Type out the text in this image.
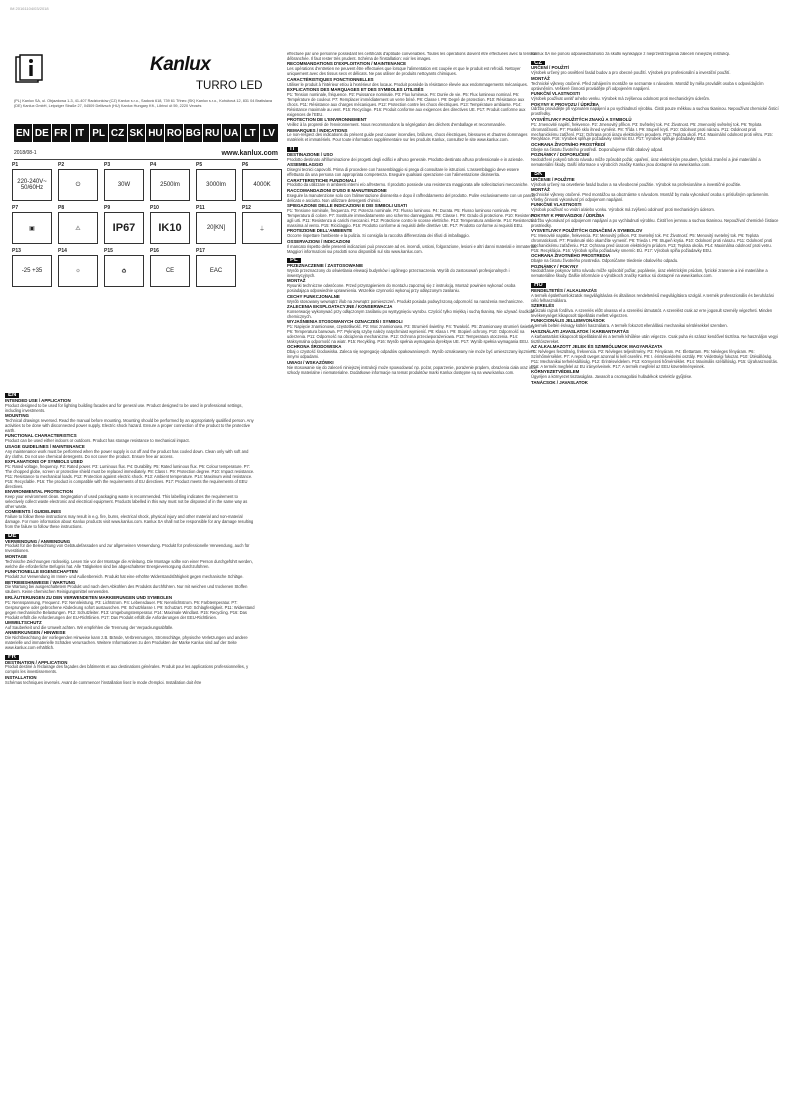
IM 20161104/03/2018
Kanlux
TURRO LED
(PL) Kanlux SA, ul. Objazdowa 1-3, 41-407 Radzionków (CZ) Kanlux s.r.o., Sadová 618, 739 61 Třinec (SK) Kanlux s.r.o., Kohútová 12, 831 04 Bratislava (DE) Kanlux GmbH, Leipziger Straße 27, 04509 Delitzsch (HU) Kanlux Hungary Kft., Lőrinci út 59, 2220 Vecsés
EN DE FR IT PL CZ SK HU RO BG RU UA LT LV
2018/08-1	www.kanlux.com
P1
220-240V~ 50/60Hz
P2
⏻
P3
30W
P4
2500lm
P5
3000lm
P6
4000K
P7
▣
P8
⚠
P9
IP67
P10
IK10
P11
20[KN]
P12
⏚
P13
-25 +35
P14
☼
P15
♻
P16
CE
P17
EAC
EN
INTENDED USE / APPLICATION
Product designed to be used for lighting building facades and for general use. Product designed to be used in professional settings, including investments.
MOUNTING
Technical drawings reversed. Read the manual before mounting. Mounting should be performed by an appropriately qualified person. Any activities to be done with disconnected power supply. Electric shock hazard. Ensure a proper connection of the product to the protective earth.
FUNCTIONAL CHARACTERISTICS
Product can be used either indoors or outdoors. Product has storage resistance to mechanical impact.
USAGE GUIDELINES / MAINTENANCE
Any maintenance work must be performed when the power supply is cut off and the product has cooled down. Clean only with soft and dry cloths. Do not use chemical detergents. Do not cover the product. Ensure free air access.
EXPLANATIONS OF SYMBOLS USED
P1: Rated voltage, frequency. P2: Rated power. P3: Luminous flux. P4: Durability. P5: Rated luminous flux. P6: Colour temperature. P7: The chopped globe, screen or protective shield must be replaced immediately. P8: Class I. P9: Protection degree. P10: Impact resistance. P11: Resistance to mechanical loads. P12: Protection against electric shock. P13: Ambient temperature. P14: Maximum wind resistance. P15: Recyclable. P16: The product is compatible with the requirements of EU directives. P17: Product meets the requirements of EEU directives.
ENVIRONMENTAL PROTECTION
Keep your environment clean. Segregation of used packaging waste is recommended. This labelling indicates the requirement to selectively collect waste electronic and electrical equipment. Products labelled in this way must not be disposed of in the same way as other waste.
COMMENTS / GUIDELINES
Failure to follow these instructions may result in e.g. fire, burns, electrical shock, physical injury and other material and non-material damage. For more information about Kanlux products visit www.kanlux.com. Kanlux SA shall not be responsible for any damage resulting from the failure to follow these instructions.
DE
VERWENDUNG / ANWENDUNG
Produkt für die Beleuchtung von Gebäudefassaden und zur allgemeinen Verwendung. Produkt für professionelle Verwendung, auch für Investitionen.
MONTAGE
Technische Zeichnungen rückseitig. Lesen Sie vor der Montage die Anleitung. Die Montage sollte von einer Person durchgeführt werden, welche die erforderliche Befugnis hat. Alle Tätigkeiten sind bei abgeschalteter Energieversorgung durchzuführen.
FUNKTIONELLE EIGENSCHAFTEN
Produkt zur Verwendung im Innen- und Außenbereich. Produkt hat eine erhöhte Widerstandsfähigkeit gegen mechanische Schläge.
BETRIEBSHINWEISE / WARTUNG
Die Wartung bei ausgeschaltetem Produkt und nach dem Abkühlen des Produkts durchführen. Nur mit weichen und trockenen Stoffen säubern. Keine chemischen Reinigungsmittel verwenden.
ERLÄUTERUNGEN ZU DEN VERWENDETEN MARKIERUNGEN UND SYMBOLEN
P1: Nennspannung, Frequenz. P2: Nennleistung. P3: Lichtstrom. P4: Lebensdauer. P5: Nennlichtstrom. P6: Farbtemperatur. P7: Gesprungene oder gebrochene Abdeckung sofort austauschen. P8: Schutzklasse I. P9: Schutzart. P10: Schlagfestigkeit. P11: Widerstand gegen mechanische Belastungen. P12: Schutzleiter. P13: Umgebungstemperatur. P14: Maximale Windlast. P15: Recycling. P16: Das Produkt erfüllt die Anforderungen der EU-Richtlinien. P17: Das Produkt erfüllt die Anforderungen der EEU-Richtlinien.
UMWELTSCHUTZ
Auf Sauberkeit und die Umwelt achten. Wir empfehlen die Trennung der Verpackungsabfälle.
ANMERKUNGEN / HINWEISE
Die Nichtbeachtung der vorliegenden Hinweise kann z.B. Brände, Verbrennungen, Stromschläge, physische Verletzungen und andere materielle und immaterielle Schäden verursachen. Weitere Informationen zu den Produkten der Marke Kanlux sind auf der Seite www.kanlux.com erhältlich.
FR
DESTINATION / APPLICATION
Produit destiné à l'éclairage des façades des bâtiments et aux destinations générales. Produit pour les applications professionnelles, y compris les investissements.
INSTALLATION
Schémas techniques inversés. Avant de commencer l'installation lisez le mode d'emploi. Installation doit être
effectuée par une personne possédant les certificats d'aptitude convenables. Toutes les opérations doivent être effectuées avec la tension débranchée. Il faut rester très prudent. Schéma de l'installation: voir les images.
RECOMMANDATIONS D'EXPLOITATION / MAINTENANCE
Les opérations d'entretien ne peuvent être effectuées que lorsque l'alimentation est coupée et que le produit est refroidi. Nettoyer uniquement avec des tissus secs et délicats. Ne pas utiliser de produits nettoyants chimiques.
CARACTÉRISTIQUES FONCTIONNELLES
Utiliser le produit à l'intérieur et/ou à l'extérieur des locaux. Produit possède la résistance élevée aux endommagements mécaniques.
EXPLICATIONS DES MARQUAGES ET DES SYMBOLES UTILISÉS
P1: Tension nominale, fréquence. P2: Puissance nominale. P3: Flux lumineux. P4: Durée de vie. P5: Flux lumineux nominal. P6: Température de couleur. P7: Remplacer immédiatement un verre brisé. P8: Classe I. P9: Degré de protection. P10: Résistance aux chocs. P11: Résistance aux charges mécaniques. P12: Protection contre les chocs électriques. P13: Température ambiante. P14: Résistance maximale au vent. P15: Recyclage. P16: Produit conforme aux exigences des directives UE. P17: Produit conforme aux exigences de l'EEU.
PROTECTION DE L'ENVIRONNEMENT
Veillez à la propreté de l'environnement. Nous recommandons la ségrégation des déchets d'emballage et recommandée.
REMARQUES / INDICATIONS
Le non-respect des indications du présent guide peut causer incendies, brûlures, chocs électriques, blessures et d'autres dommages matériels et immatériels. Pour toute information supplémentaire sur les produits Kanlux, consultez le site www.kanlux.com.
IT
DESTINAZIONE / USO
Prodotto destinato all'illuminazione dei progetti degli edifici e all'uso generale. Prodotto destinato all'uso professionale e in aziende.
ASSEMBLAGGIO
Disegni tecnici capovolti. Prima di procedere con l'assemblaggio si prega di consultare le istruzioni. L'assemblaggio deve essere effettuato da una persona con appropriata competenza. Eseguire qualsiasi operazione con l'alimentazione disinserita.
CARATTERISTICHE FUNZIONALI
Prodotto da utilizzare in ambienti interni e/o all'esterno. Il prodotto possiede una resistenza maggiorata alle sollecitazioni meccaniche.
RACCOMANDAZIONI D'USO E MANUTENZIONE
Eseguire la manutenzione solo con l'alimentazione disinserita e dopo il raffreddamento del prodotto. Pulire esclusivamente con un panno delicato e asciutto. Non utilizzare detergenti chimici.
SPIEGAZIONE DELLE INDICAZIONI E DEI SIMBOLI USATI
P1: Tensione nominale, frequenza. P2: Potenza nominale. P3: Flusso luminoso. P4: Durata. P5: Flusso luminoso nominale. P6: Temperatura di colore. P7: Sostituire immediatamente uno schermo danneggiato. P8: Classe I. P9: Grado di protezione. P10: Resistenza agli urti. P11: Resistenza ai carichi meccanici. P12: Protezione contro le scosse elettriche. P13: Temperatura ambiente. P14: Resistenza massima al vento. P15: Riciclaggio. P16: Prodotto conforme ai requisiti delle direttive UE. P17: Prodotto conforme ai requisiti EEU.
PROTEZIONE DELL'AMBIENTE
Occorre rispettare l'ambiente e la pulizia. Si consiglia la raccolta differenziata dei rifiuti di imballaggio.
OSSERVAZIONI / INDICAZIONI
Il mancato rispetto delle presenti indicazioni può provocare ad es. incendi, ustioni, folgorazione, lesioni e altri danni materiali e immateriali. Maggiori informazioni sui prodotti sono disponibili sul sito www.kanlux.com.
PL
PRZEZNACZENIE / ZASTOSOWANIE
Wyrób przeznaczony do oświetlania elewacji budynków i ogólnego przeznaczenia. Wyrób do zastosowań profesjonalnych i inwestycyjnych.
MONTAŻ
Rysunki techniczne odwrócone. Przed przystąpieniem do montażu zapoznaj się z instrukcją. Montaż powinien wykonać osoba posiadająca odpowiednie uprawnienia. Wszelkie czynności wykonuj przy odłączonym zasilaniu.
CECHY FUNKCJONALNE
Wyrób stosowany wewnątrz i/lub na zewnątrz pomieszczeń. Produkt posiada podwyższoną odporność na narażenia mechaniczne.
ZALECENIA EKSPLOATACYJNE / KONSERWACJA
Konserwację wykonywać przy odłączonym zasilaniu po wystygnięciu wyrobu. Czyścić tylko miękką i suchą tkaniną. Nie używać środków chemicznych.
WYJAŚNIENIA STOSOWANYCH OZNACZEŃ I SYMBOLI
P1: Napięcie znamionowe, częstotliwość. P2: Moc znamionowa. P3: Strumień świetlny. P4: Trwałość. P5: Znamionowy strumień świetlny. P6: Temperatura barwowa. P7: Pękniętą szybę należy natychmiast wymienić. P8: Klasa I. P9: Stopień ochrony. P10: Odporność na uderzenia. P11: Odporność na obciążenia mechaniczne. P12: Ochrona przeciwporażeniowa. P13: Temperatura otoczenia. P14: Maksymalna odporność na wiatr. P15: Recykling. P16: Wyrób spełnia wymagania dyrektyw UE. P17: Wyrób spełnia wymagania EEU.
OCHRONA ŚRODOWISKA
Dbaj o czystość środowiska. Zaleca się segregację odpadów opakowaniowych. Wyrób oznakowany nie może być umieszczany łącznie z innymi odpadami.
UWAGI / WSKAZÓWKI
Nie stosowanie się do zaleceń niniejszej instrukcji może spowodować np. pożar, poparzenie, porażenie prądem, obrażenia ciała oraz inne szkody materialne i niematerialne. Dodatkowe informacje na temat produktów marki Kanlux dostępne są na www.kanlux.com.
Kanlux SA nie ponosi odpowiedzialności za skutki wynikające z nieprzestrzegania zaleceń niniejszej instrukcji.
CZ
URČENÍ / POUŽITÍ
Výrobek určený pro osvětlení fasád budov a pro obecné použití. Výrobek pro profesionální a investiční použití.
MONTÁŽ
Technické výkresy otočené. Před zahájením montáže se seznamte s návodem. Montáž by měla provádět osoba s odpovídajícím oprávněním. Veškeré činnosti provádějte při odpojeném napájení.
FUNKČNÍ VLASTNOSTI
Výrobek používat uvnitř a/nebo venku. Výrobek má zvýšenou odolnost proti mechanickým úderům.
POKYNY K PROVOZU / ÚDRŽBA
Údržbu provádějte při vypnutém napájení a po vychladnutí výrobku. Čistit pouze měkkou a suchou tkaninou. Nepoužívat chemické čisticí prostředky.
VYSVĚTLIVKY POUŽITÝCH ZNAKŮ A SYMBOLŮ
P1: Jmenovité napětí, frekvence. P2: Jmenovitý příkon. P3: Světelný tok. P4: Životnost. P5: Jmenovitý světelný tok. P6: Teplota chromatičnosti. P7: Prasklé sklo ihned vyměnit. P8: Třída I. P9: Stupeň krytí. P10: Odolnost proti nárazu. P11: Odolnost proti mechanickému zatížení. P12: Ochrana proti úrazu elektrickým proudem. P13: Teplota okolí. P14: Maximální odolnost proti větru. P15: Recyklace. P16: Výrobek splňuje požadavky směrnic EU. P17: Výrobek splňuje požadavky EEU.
OCHRANA ŽIVOTNÍHO PROSTŘEDÍ
Dbejte na čistotu životního prostředí. Doporučujeme třídit obalový odpad.
POZNÁMKY / DOPORUČENÍ
Nedodržení pokynů tohoto návodu může způsobit požár, opaření, úraz elektrickým proudem, fyzická zranění a jiné materiální a nemateriální škody. Další informace o výrobcích značky Kanlux jsou dostupné na www.kanlux.com.
SK
URČENIE / POUŽITIE
Výrobok určený na osvetlenie fasád budov a na všeobecné použitie. Výrobok na profesionálne a investičné použitie.
MONTÁŽ
Technické výkresy otočené. Pred montážou sa oboznámte s návodom. Montáž by mala vykonávať osoba s príslušným oprávnením. Všetky činnosti vykonávať pri odpojenom napájaní.
FUNKČNÉ VLASTNOSTI
Výrobok používať vo vnútri a/alebo vonku. Výrobok má zvýšenú odolnosť proti mechanickým úderom.
POKYNY K PREVÁDZKE / ÚDRŽBA
Údržbu vykonávať pri odpojenom napájaní a po vychladnutí výrobku. Čistiť len jemnou a suchou tkaninou. Nepoužívať chemické čistiace prostriedky.
VYSVETLIVKY POUŽITÝCH OZNAČENÍ A SYMBOLOV
P1: Menovité napätie, frekvencia. P2: Menovitý príkon. P3: Svetelný tok. P4: Životnosť. P5: Menovitý svetelný tok. P6: Teplota chromatickosti. P7: Prasknuté sklo okamžite vymeniť. P8: Trieda I. P9: Stupeň krytia. P10: Odolnosť proti nárazu. P11: Odolnosť proti mechanickému zaťaženiu. P12: Ochrana pred úrazom elektrickým prúdom. P13: Teplota okolia. P14: Maximálna odolnosť proti vetru. P15: Recyklácia. P16: Výrobok spĺňa požiadavky smerníc EÚ. P17: Výrobok spĺňa požiadavky EEU.
OCHRANA ŽIVOTNÉHO PROSTREDIA
Dbajte na čistotu životného prostredia. Odporúčame triedenie obalového odpadu.
POZNÁMKY / POKYNY
Nedodržanie pokynov tohto návodu môže spôsobiť požiar, popálenie, úraz elektrickým prúdom, fyzické zranenie a iné materiálne a nemateriálne škody. Ďalšie informácie o výrobkoch značky Kanlux sú dostupné na www.kanlux.com.
HU
RENDELTETÉS / ALKALMAZÁS
A termék épülethomlokzatok megvilágítására és általános rendeltetésű megvilágításra szolgál. A termék professzionális és beruházási célú felhasználásra.
SZERELÉS
Műszaki rajzok fordítva. A szerelés előtt olvassa el a szerelési útmutatót. A szerelést csak az erre jogosult személy végezheti. Minden tevékenységet kikapcsolt tápellátás mellett végezzen.
FUNKCIONÁLIS JELLEMVONÁSOK
A termék beltéri és/vagy kültéri használatra. A termék fokozott ellenállású mechanikai sérülésekkel szemben.
HASZNÁLATI JAVASLATOK / KARBANTARTÁS
A karbantartást kikapcsolt tápellátásnál és a termék kihűlése után végezze. Csak puha és száraz kendővel tisztítsa. Ne használjon vegyi tisztítószereket.
AZ ALKALMAZOTT JELEK ÉS SZIMBÓLUMOK MAGYARÁZATA
P1: Névleges feszültség, frekvencia. P2: Névleges teljesítmény. P3: Fényáram. P4: Élettartam. P5: Névleges fényáram. P6: Színhőmérséklet. P7: A repedt üveget azonnal ki kell cserélni. P8: I. érintésvédelmi osztály. P9: Védettségi fokozat. P10: Ütésállóság. P11: Mechanikai terhelésállóság. P12: Érintésvédelem. P13: Környezeti hőmérséklet. P14: Maximális szélállóság. P15: Újrahasznosítás. P16: A termék megfelel az EU irányelveinek. P17: A termék megfelel az EEU követelményeinek.
KÖRNYEZETVÉDELEM
Ügyeljen a környezet tisztaságára. Javasolt a csomagolási hulladékok szelektív gyűjtése.
TANÁCSOK / JAVASLATOK
